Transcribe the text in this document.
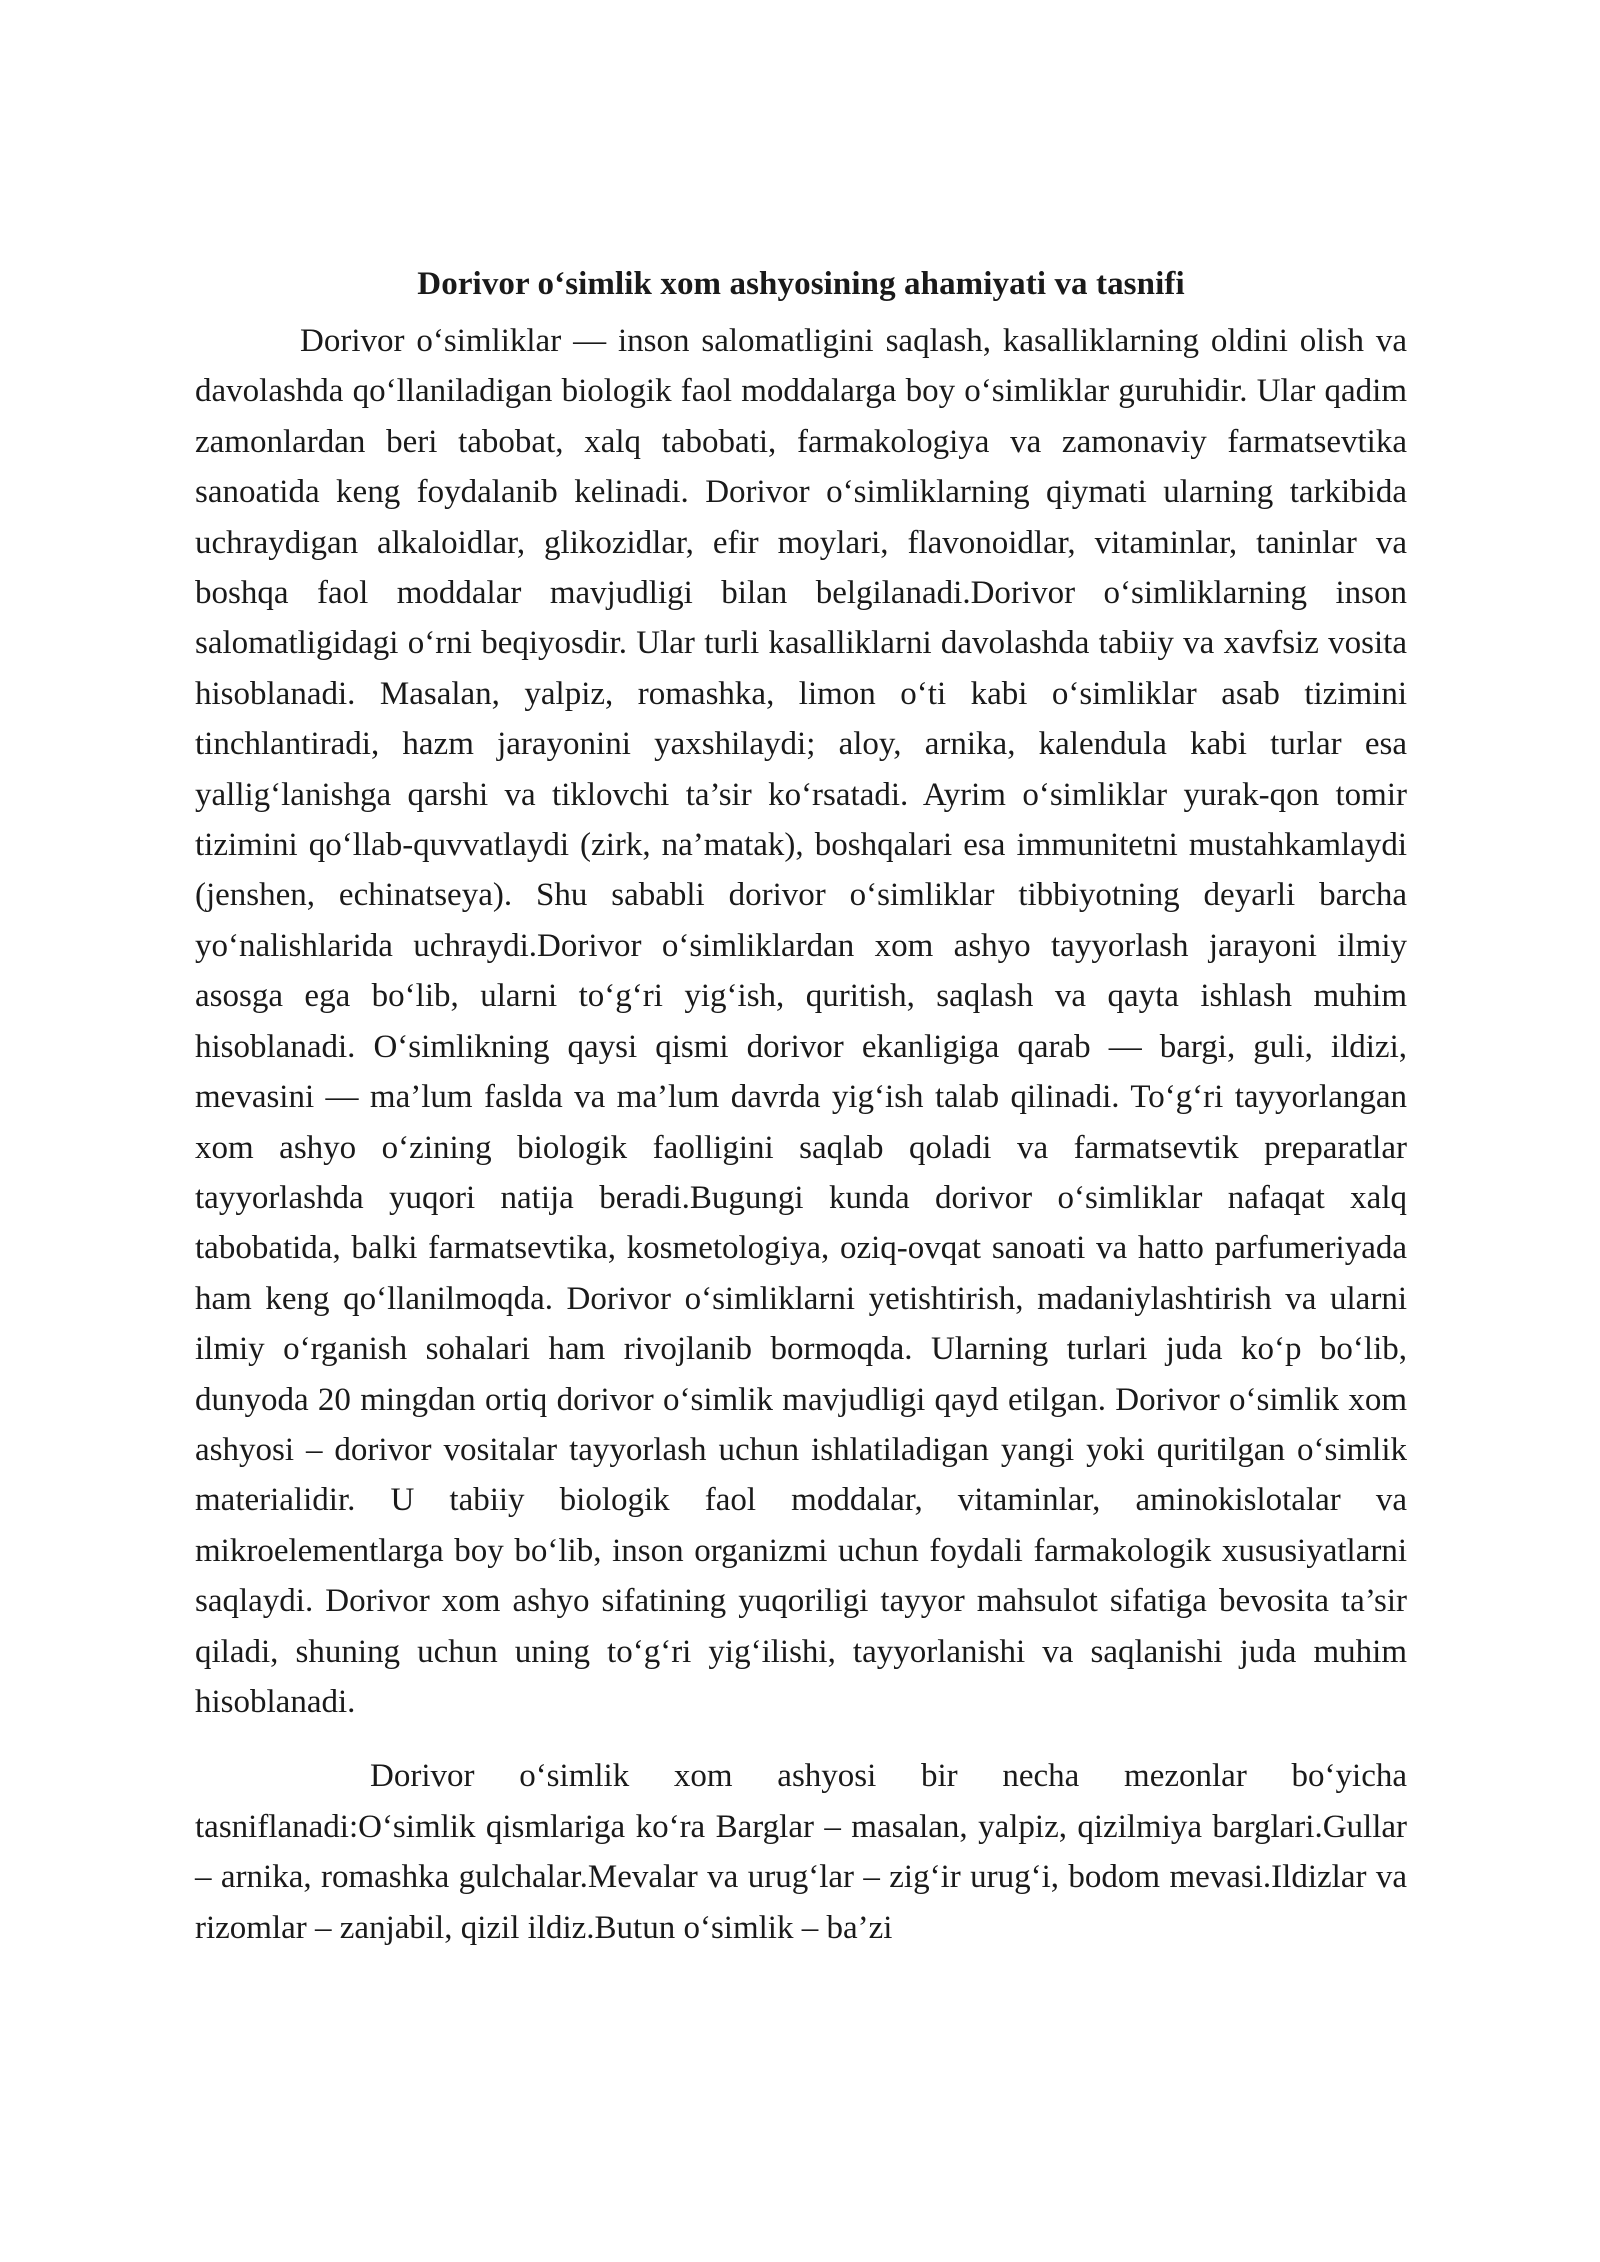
Dorivor o‘simlik xom ashyosining ahamiyati va tasnifi

Dorivor o‘simliklar — inson salomatligini saqlash, kasalliklarning oldini olish va davolashda qo‘llaniladigan biologik faol moddalarga boy o‘simliklar guruhidir. Ular qadim zamonlardan beri tabobat, xalq tabobati, farmakologiya va zamonaviy farmatsevtika sanoatida keng foydalanib kelinadi. Dorivor o‘simliklarning qiymati ularning tarkibida uchraydigan alkaloidlar, glikozidlar, efir moylari, flavonoidlar, vitaminlar, taninlar va boshqa faol moddalar mavjudligi bilan belgilanadi.Dorivor o‘simliklarning inson salomatligidagi o‘rni beqiyosdir. Ular turli kasalliklarni davolashda tabiiy va xavfsiz vosita hisoblanadi. Masalan, yalpiz, romashka, limon o‘ti kabi o‘simliklar asab tizimini tinchlantiradi, hazm jarayonini yaxshilaydi; aloy, arnika, kalendula kabi turlar esa yallig‘lanishga qarshi va tiklovchi ta’sir ko‘rsatadi. Ayrim o‘simliklar yurak-qon tomir tizimini qo‘llab-quvvatlaydi (zirk, na’matak), boshqalari esa immunitetni mustahkamlaydi (jenshen, echinatseya). Shu sababli dorivor o‘simliklar tibbiyotning deyarli barcha yo‘nalishlarida uchraydi.Dorivor o‘simliklardan xom ashyo tayyorlash jarayoni ilmiy asosga ega bo‘lib, ularni to‘g‘ri yig‘ish, quritish, saqlash va qayta ishlash muhim hisoblanadi. O‘simlikning qaysi qismi dorivor ekanligiga qarab — bargi, guli, ildizi, mevasini — ma’lum faslda va ma’lum davrda yig‘ish talab qilinadi. To‘g‘ri tayyorlangan xom ashyo o‘zining biologik faolligini saqlab qoladi va farmatsevtik preparatlar tayyorlashda yuqori natija beradi.Bugungi kunda dorivor o‘simliklar nafaqat xalq tabobatida, balki farmatsevtika, kosmetologiya, oziq-ovqat sanoati va hatto parfumeriyada ham keng qo‘llanilmoqda. Dorivor o‘simliklarni yetishtirish, madaniylashtirish va ularni ilmiy o‘rganish sohalari ham rivojlanib bormoqda. Ularning turlari juda ko‘p bo‘lib, dunyoda 20 mingdan ortiq dorivor o‘simlik mavjudligi qayd etilgan. Dorivor o‘simlik xom ashyosi – dorivor vositalar tayyorlash uchun ishlatiladigan yangi yoki quritilgan o‘simlik materialidir. U tabiiy biologik faol moddalar, vitaminlar, aminokislotalar va mikroelementlarga boy bo‘lib, inson organizmi uchun foydali farmakologik xususiyatlarni saqlaydi. Dorivor xom ashyo sifatining yuqoriligi tayyor mahsulot sifatiga bevosita ta’sir qiladi, shuning uchun uning to‘g‘ri yig‘ilishi, tayyorlanishi va saqlanishi juda muhim hisoblanadi.

Dorivor o‘simlik xom ashyosi bir necha mezonlar bo‘yicha tasniflanadi:O‘simlik qismlariga ko‘ra Barglar – masalan, yalpiz, qizilmiya barglari.Gullar – arnika, romashka gulchalar.Mevalar va urug‘lar – zig‘ir urug‘i, bodom mevasi.Ildizlar va rizomlar – zanjabil, qizil ildiz.Butun o‘simlik – ba’zi
